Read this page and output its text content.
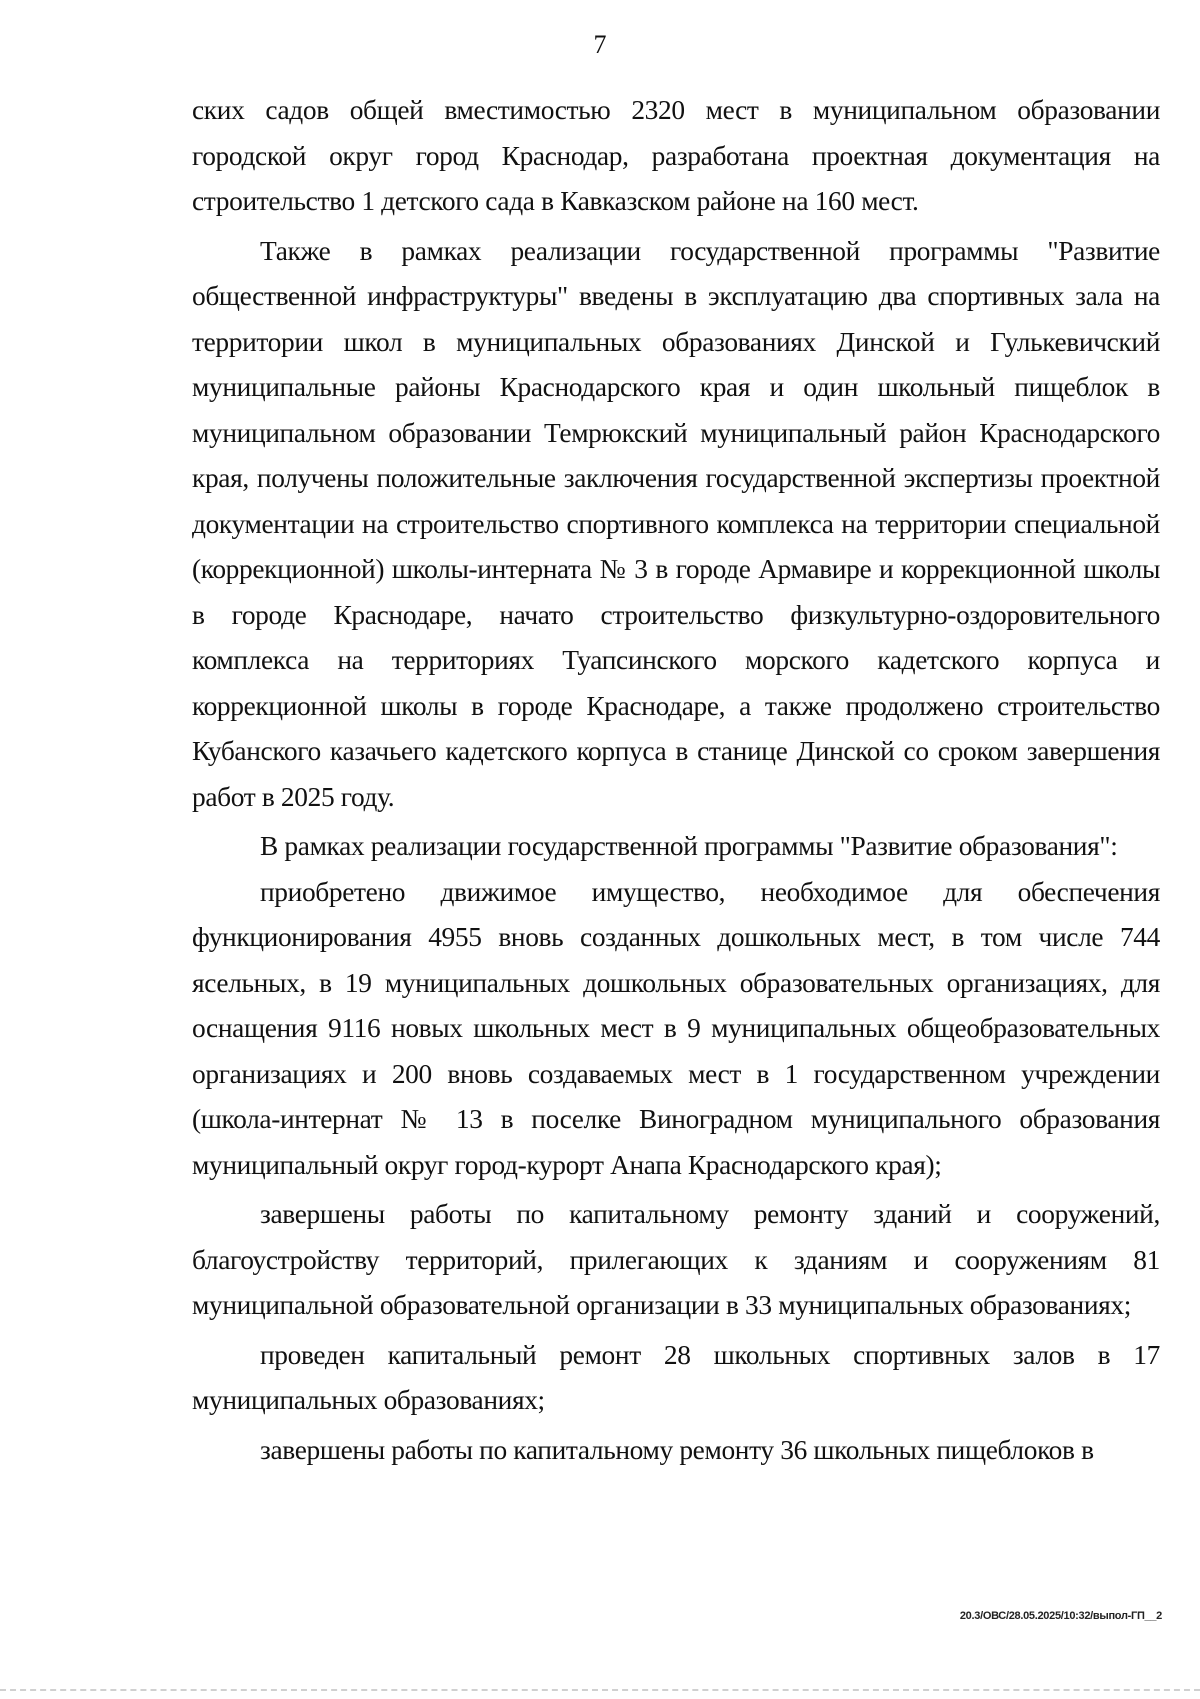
7

ских садов общей вместимостью 2320 мест в муниципальном образовании городской округ город Краснодар, разработана проектная документация на строительство 1 детского сада в Кавказском районе на 160 мест.

Также в рамках реализации государственной программы "Развитие общественной инфраструктуры" введены в эксплуатацию два спортивных зала на территории школ в муниципальных образованиях Динской и Гулькевичский муниципальные районы Краснодарского края и один школьный пищеблок в муниципальном образовании Темрюкский муниципальный район Краснодарского края, получены положительные заключения государственной экспертизы проектной документации на строительство спортивного комплекса на территории специальной (коррекционной) школы-интерната № 3 в городе Армавире и коррекционной школы в городе Краснодаре, начато строительство физкультурно-оздоровительного комплекса на территориях Туапсинского морского кадетского корпуса и коррекционной школы в городе Краснодаре, а также продолжено строительство Кубанского казачьего кадетского корпуса в станице Динской со сроком завершения работ в 2025 году.

В рамках реализации государственной программы "Развитие образования":

приобретено движимое имущество, необходимое для обеспечения функционирования 4955 вновь созданных дошкольных мест, в том числе 744 ясельных, в 19 муниципальных дошкольных образовательных организациях, для оснащения 9116 новых школьных мест в 9 муниципальных общеобразовательных организациях и 200 вновь создаваемых мест в 1 государственном учреждении (школа-интернат № 13 в поселке Виноградном муниципального образования муниципальный округ город-курорт Анапа Краснодарского края);

завершены работы по капитальному ремонту зданий и сооружений, благоустройству территорий, прилегающих к зданиям и сооружениям 81 муниципальной образовательной организации в 33 муниципальных образованиях;

проведен капитальный ремонт 28 школьных спортивных залов в 17 муниципальных образованиях;

завершены работы по капитальному ремонту 36 школьных пищеблоков в

20.3/ОВС/28.05.2025/10:32/выпол-ГП__2
